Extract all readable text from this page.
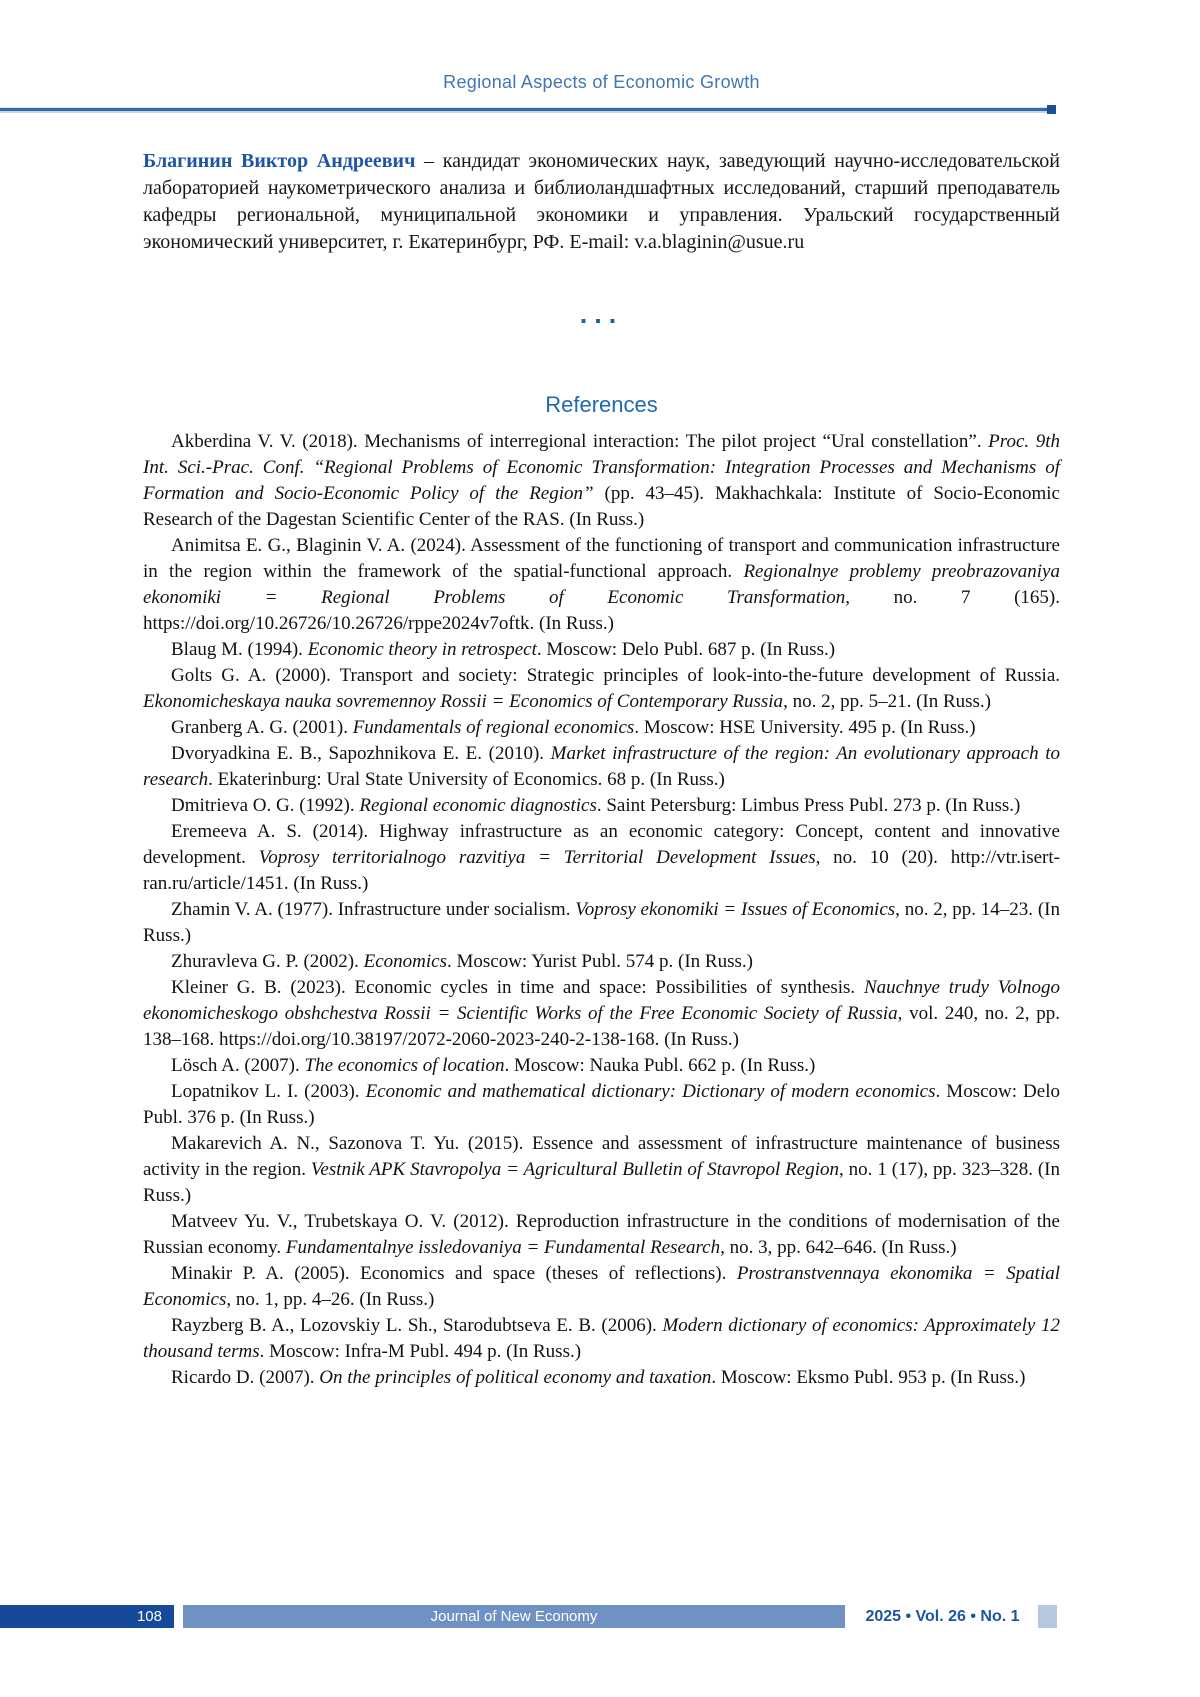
Regional Aspects of Economic Growth

Благинин Виктор Андреевич – кандидат экономических наук, заведующий научно-исследовательской лабораторией наукометрического анализа и библиоландшафтных исследований, старший преподаватель кафедры региональной, муниципальной экономики и управления. Уральский государственный экономический университет, г. Екатеринбург, РФ. E-mail: v.a.blaginin@usue.ru

...
References

Akberdina V. V. (2018). Mechanisms of interregional interaction: The pilot project “Ural constellation”. Proc. 9th Int. Sci.-Prac. Conf. “Regional Problems of Economic Transformation: Integration Processes and Mechanisms of Formation and Socio-Economic Policy of the Region” (pp. 43–45). Makhachkala: Institute of Socio-Economic Research of the Dagestan Scientific Center of the RAS. (In Russ.)

Animitsa E. G., Blaginin V. A. (2024). Assessment of the functioning of transport and communication infrastructure in the region within the framework of the spatial-functional approach. Regionalnye problemy preobrazovaniya ekonomiki = Regional Problems of Economic Transformation, no. 7 (165). https://doi.org/10.26726/10.26726/rppe2024v7oftk. (In Russ.)

Blaug M. (1994). Economic theory in retrospect. Moscow: Delo Publ. 687 p. (In Russ.)

Golts G. A. (2000). Transport and society: Strategic principles of look-into-the-future development of Russia. Ekonomicheskaya nauka sovremennoy Rossii = Economics of Contemporary Russia, no. 2, pp. 5–21. (In Russ.)

Granberg A. G. (2001). Fundamentals of regional economics. Moscow: HSE University. 495 p. (In Russ.)

Dvoryadkina E. B., Sapozhnikova E. E. (2010). Market infrastructure of the region: An evolutionary approach to research. Ekaterinburg: Ural State University of Economics. 68 p. (In Russ.)

Dmitrieva O. G. (1992). Regional economic diagnostics. Saint Petersburg: Limbus Press Publ. 273 p. (In Russ.)

Eremeeva A. S. (2014). Highway infrastructure as an economic category: Concept, content and innovative development. Voprosy territorialnogo razvitiya = Territorial Development Issues, no. 10 (20). http://vtr.isert-ran.ru/article/1451. (In Russ.)

Zhamin V. A. (1977). Infrastructure under socialism. Voprosy ekonomiki = Issues of Economics, no. 2, pp. 14–23. (In Russ.)

Zhuravleva G. P. (2002). Economics. Moscow: Yurist Publ. 574 p. (In Russ.)

Kleiner G. B. (2023). Economic cycles in time and space: Possibilities of synthesis. Nauchnye trudy Volnogo ekonomicheskogo obshchestva Rossii = Scientific Works of the Free Economic Society of Russia, vol. 240, no. 2, pp. 138–168. https://doi.org/10.38197/2072-2060-2023-240-2-138-168. (In Russ.)

Lösch A. (2007). The economics of location. Moscow: Nauka Publ. 662 p. (In Russ.)

Lopatnikov L. I. (2003). Economic and mathematical dictionary: Dictionary of modern economics. Moscow: Delo Publ. 376 p. (In Russ.)

Makarevich A. N., Sazonova T. Yu. (2015). Essence and assessment of infrastructure maintenance of business activity in the region. Vestnik APK Stavropolya = Agricultural Bulletin of Stavropol Region, no. 1 (17), pp. 323–328. (In Russ.)

Matveev Yu. V., Trubetskaya O. V. (2012). Reproduction infrastructure in the conditions of modernisation of the Russian economy. Fundamentalnye issledovaniya = Fundamental Research, no. 3, pp. 642–646. (In Russ.)

Minakir P. A. (2005). Economics and space (theses of reflections). Prostranstvennaya ekonomika = Spatial Economics, no. 1, pp. 4–26. (In Russ.)

Rayzberg B. A., Lozovskiy L. Sh., Starodubtseva E. B. (2006). Modern dictionary of economics: Approximately 12 thousand terms. Moscow: Infra-M Publ. 494 p. (In Russ.)

Ricardo D. (2007). On the principles of political economy and taxation. Moscow: Eksmo Publ. 953 p. (In Russ.)

108	Journal of New Economy	2025 • Vol. 26 • No. 1
